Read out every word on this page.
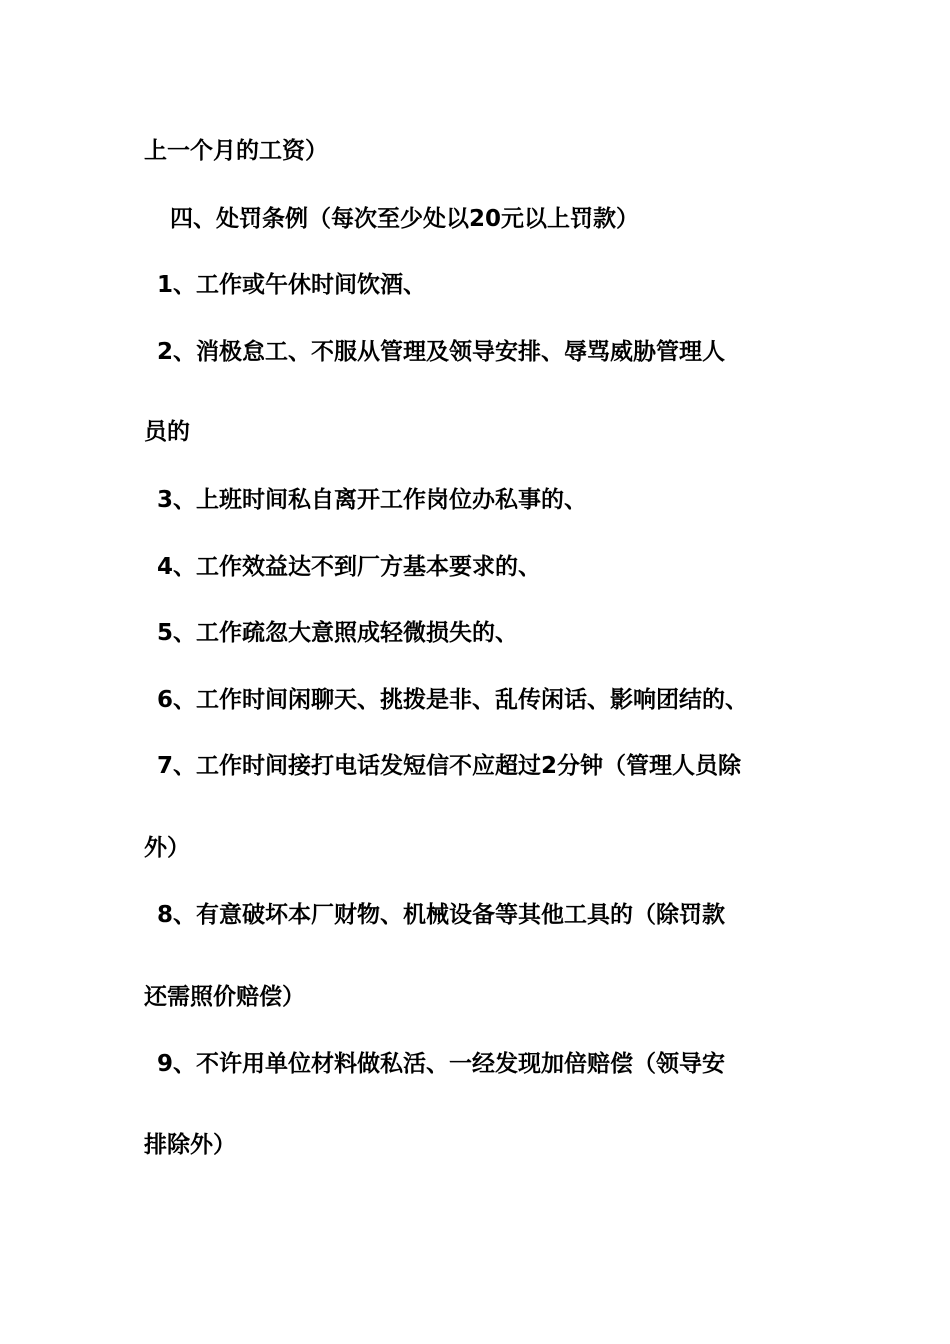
上一个月的工资）

四、处罚条例（每次至少处以20元以上罚款）

1、工作或午休时间饮酒、

2、消极怠工、不服从管理及领导安排、辱骂威胁管理人

员的

3、上班时间私自离开工作岗位办私事的、

4、工作效益达不到厂方基本要求的、

5、工作疏忽大意照成轻微损失的、

6、工作时间闲聊天、挑拨是非、乱传闲话、影响团结的、

7、工作时间接打电话发短信不应超过2分钟（管理人员除

外）

8、有意破坏本厂财物、机械设备等其他工具的（除罚款

还需照价赔偿）

9、不许用单位材料做私活、一经发现加倍赔偿（领导安

排除外）
